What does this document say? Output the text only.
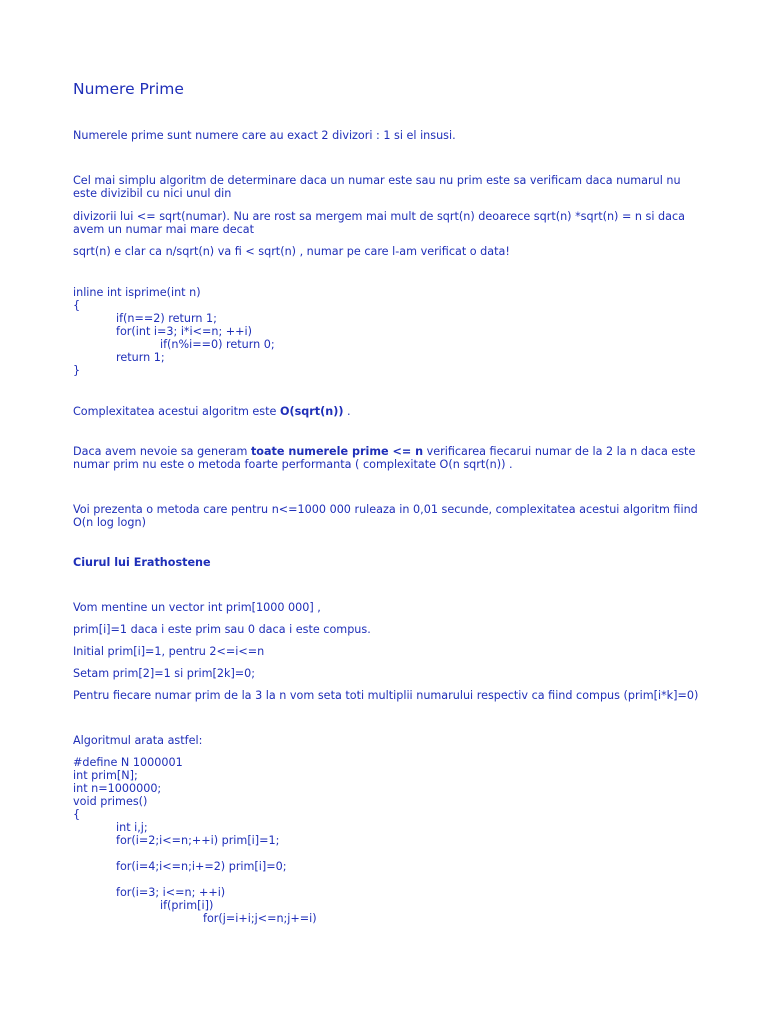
Numere Prime
Numerele prime sunt numere care au exact 2 divizori : 1 si el insusi.
Cel mai simplu algoritm de determinare daca un numar este sau nu prim este sa verificam daca numarul nu este divizibil cu nici unul din
divizorii lui <= sqrt(numar). Nu are rost sa mergem mai mult de sqrt(n) deoarece sqrt(n) *sqrt(n) = n si daca avem un numar mai mare decat
sqrt(n) e clar ca n/sqrt(n) va fi < sqrt(n) , numar pe care l-am verificat o data!
inline int isprime(int n)
{
if(n==2) return 1;
for(int i=3; i*i<=n; ++i)
if(n%i==0) return 0;
return 1;
}
Complexitatea acestui algoritm este O(sqrt(n)) .
Daca avem nevoie sa generam toate numerele prime <= n verificarea fiecarui numar de la 2 la n daca este numar prim nu este o metoda foarte performanta ( complexitate O(n sqrt(n)) .
Voi prezenta o metoda care pentru n<=1000 000 ruleaza in 0,01 secunde, complexitatea acestui algoritm fiind O(n log logn)
Ciurul lui Erathostene
Vom mentine un vector int prim[1000 000] ,
prim[i]=1 daca i este prim sau 0 daca i este compus.
Initial prim[i]=1, pentru 2<=i<=n
Setam prim[2]=1 si prim[2k]=0;
Pentru fiecare numar prim de la 3 la n vom seta toti multiplii numarului respectiv ca fiind compus (prim[i*k]=0)
Algoritmul arata astfel:
#define N 1000001
int prim[N];
int n=1000000;
void primes()
{
int i,j;
for(i=2;i<=n;++i) prim[i]=1;
for(i=4;i<=n;i+=2) prim[i]=0;
for(i=3; i<=n; ++i)
if(prim[i])
for(j=i+i;j<=n;j+=i)
